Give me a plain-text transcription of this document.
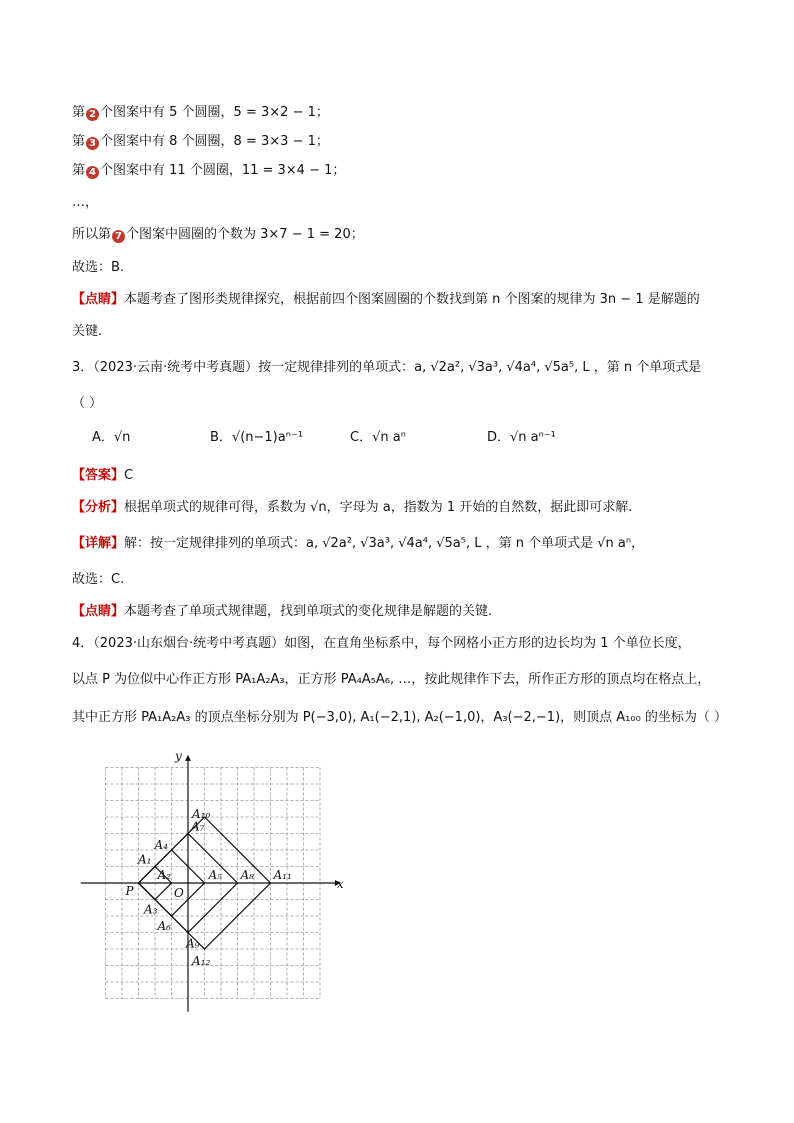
第 2 个图案中有 5 个圆圈，5 = 3×2 − 1；
第 3 个图案中有 8 个圆圈，8 = 3×3 − 1；
第 4 个图案中有 11 个圆圈，11 = 3×4 − 1；
…，
所以第 7 个图案中圆圈的个数为 3×7 − 1 = 20；
故选：B.
【点睛】本题考查了图形类规律探究，根据前四个图案圆圈的个数找到第 n 个图案的规律为 3n − 1 是解题的
关键.
3．（2023·云南·统考中考真题）按一定规律排列的单项式：a, √2a², √3a³, √4a⁴, √5a⁵, L ，第 n 个单项式是
（ ）
A．√n	B．√(n−1)aⁿ⁻¹	C．√n aⁿ	D．√n aⁿ⁻¹
【答案】C
【分析】根据单项式的规律可得，系数为 √n，字母为 a，指数为 1 开始的自然数，据此即可求解.
【详解】解：按一定规律排列的单项式：a, √2a², √3a³, √4a⁴, √5a⁵, L ，第 n 个单项式是 √n aⁿ，
故选：C.
【点睛】本题考查了单项式规律题，找到单项式的变化规律是解题的关键.
4．（2023·山东烟台·统考中考真题）如图，在直角坐标系中，每个网格小正方形的边长均为 1 个单位长度，
以点 P 为位似中心作正方形 PA₁A₂A₃，正方形 PA₄A₅A₆, …，按此规律作下去，所作正方形的顶点均在格点上，
其中正方形 PA₁A₂A₃ 的顶点坐标分别为 P(−3,0), A₁(−2,1), A₂(−1,0)，A₃(−2,−1)，则顶点 A₁₀₀ 的坐标为（ ）
x
y
O
P
A₁
A₂
A₃
A₄
A₅
A₆
A₇
A₈
A₉
A₁₀
A₁₁
A₁₂
